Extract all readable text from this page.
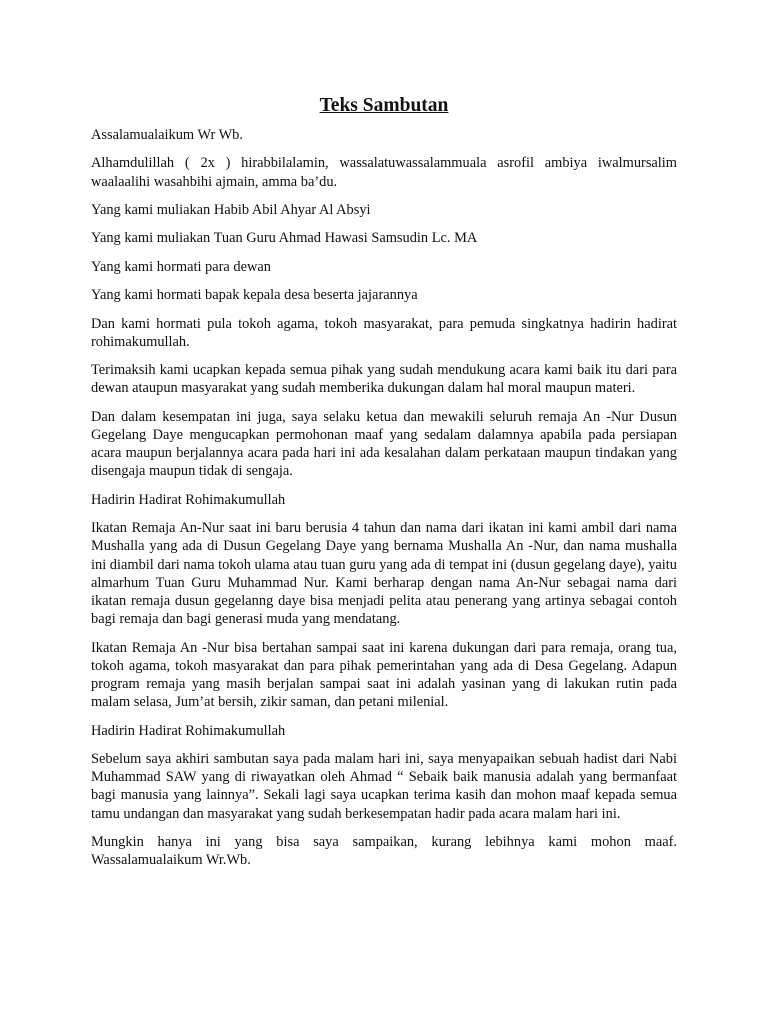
Teks Sambutan

Assalamualaikum Wr Wb.

Alhamdulillah ( 2x ) hirabbilalamin, wassalatuwassalammuala asrofil ambiya iwalmursalim waalaalihi wasahbihi ajmain, amma ba’du.

Yang kami muliakan Habib Abil Ahyar Al Absyi

Yang kami muliakan Tuan Guru Ahmad Hawasi Samsudin Lc. MA

Yang kami hormati para dewan

Yang kami hormati bapak kepala desa beserta jajarannya

Dan kami hormati pula tokoh agama, tokoh masyarakat, para pemuda singkatnya hadirin hadirat rohimakumullah.

Terimaksih kami ucapkan kepada semua pihak yang sudah mendukung acara kami baik itu dari para dewan ataupun masyarakat yang sudah memberika dukungan dalam hal moral maupun materi.

Dan dalam kesempatan ini juga, saya selaku ketua dan mewakili seluruh remaja An -Nur Dusun Gegelang Daye mengucapkan permohonan maaf yang sedalam dalamnya apabila pada persiapan acara maupun berjalannya acara pada hari ini ada kesalahan dalam perkataan maupun tindakan yang disengaja maupun tidak di sengaja.

Hadirin Hadirat Rohimakumullah

Ikatan Remaja An-Nur saat ini baru berusia 4 tahun dan nama dari ikatan ini kami ambil dari nama Mushalla yang ada di Dusun Gegelang Daye yang bernama Mushalla An -Nur, dan nama mushalla ini diambil dari nama tokoh ulama atau tuan guru yang ada di tempat ini (dusun gegelang daye), yaitu almarhum Tuan Guru Muhammad Nur. Kami berharap dengan nama An-Nur sebagai nama dari ikatan remaja dusun gegelanng daye bisa menjadi pelita atau penerang yang artinya sebagai contoh bagi remaja dan bagi generasi muda yang mendatang.

Ikatan Remaja An -Nur bisa bertahan sampai saat ini karena dukungan dari para remaja, orang tua, tokoh agama, tokoh masyarakat dan para pihak pemerintahan yang ada di Desa Gegelang. Adapun program remaja yang masih berjalan sampai saat ini adalah yasinan yang di lakukan rutin pada malam selasa, Jum’at bersih, zikir saman, dan petani milenial.

Hadirin Hadirat Rohimakumullah

Sebelum saya akhiri sambutan saya pada malam hari ini, saya menyapaikan sebuah hadist dari Nabi Muhammad SAW yang di riwayatkan oleh Ahmad “ Sebaik baik manusia adalah yang bermanfaat bagi manusia yang lainnya”. Sekali lagi saya ucapkan terima kasih dan mohon maaf kepada semua tamu undangan dan masyarakat yang sudah berkesempatan hadir pada acara malam hari ini.

Mungkin hanya ini yang bisa saya sampaikan, kurang lebihnya kami mohon maaf. Wassalamualaikum Wr.Wb.
